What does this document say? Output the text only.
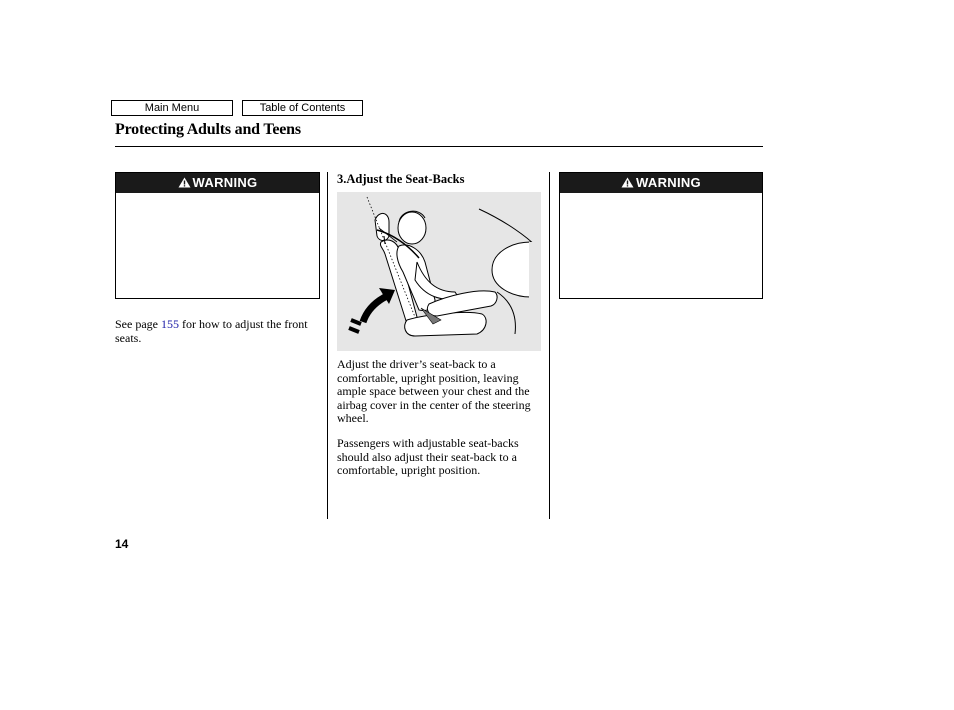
Main Menu	Table of Contents
Protecting Adults and Teens
WARNING
See page 155 for how to adjust the front seats.
3.Adjust the Seat-Backs
Adjust the driver’s seat-back to a comfortable, upright position, leaving ample space between your chest and the airbag cover in the center of the steering wheel.
Passengers with adjustable seat-backs should also adjust their seat-back to a comfortable, upright position.
WARNING
14
